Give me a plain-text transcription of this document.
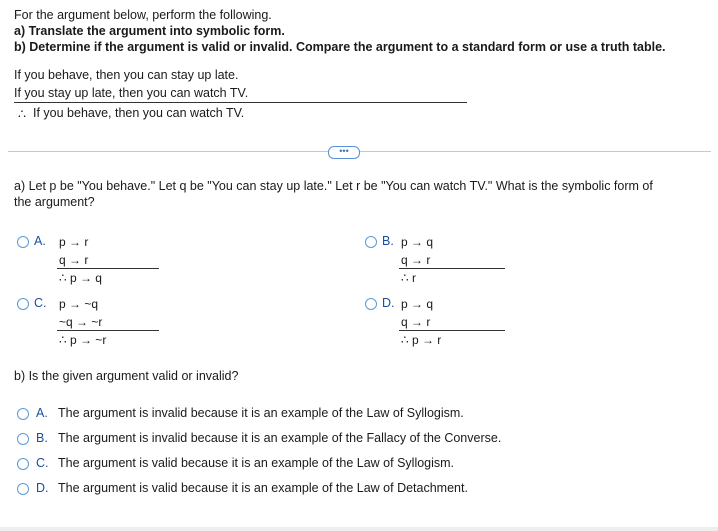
For the argument below, perform the following.
a) Translate the argument into symbolic form.
b) Determine if the argument is valid or invalid. Compare the argument to a standard form or use a truth table.
If you behave, then you can stay up late.
If you stay up late, then you can watch TV.
∴ If you behave, then you can watch TV.
•••
a) Let p be "You behave." Let q be "You can stay up late." Let r be "You can watch TV." What is the symbolic form of
the argument?
A. p → r
q → r
∴ p → q
B. p → q
q → r
∴ r
C. p → ~q
~q → ~r
∴ p → ~r
D. p → q
q → r
∴ p → r
b) Is the given argument valid or invalid?
A. The argument is invalid because it is an example of the Law of Syllogism.
B. The argument is invalid because it is an example of the Fallacy of the Converse.
C. The argument is valid because it is an example of the Law of Syllogism.
D. The argument is valid because it is an example of the Law of Detachment.
